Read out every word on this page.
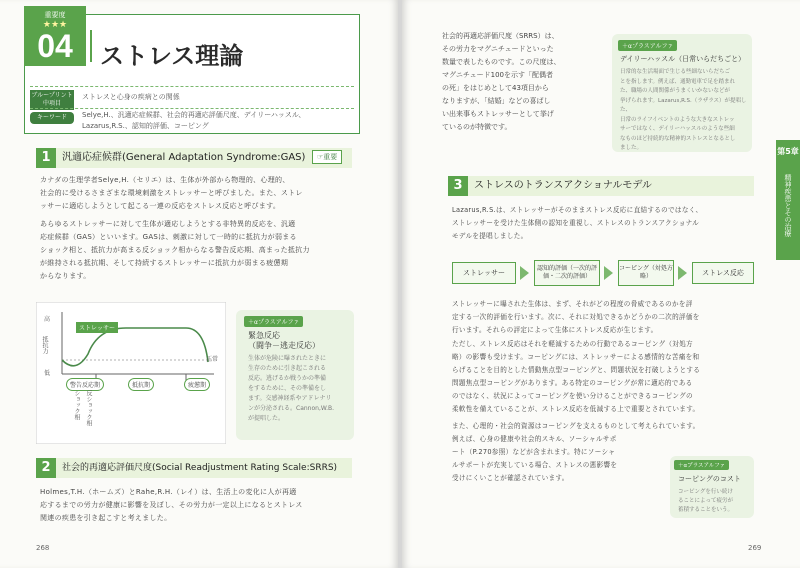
重要度
★★★
04	ストレス理論
ブループリント中項目
ストレスと心身の疾病との関係
キーワード	Selye,H.、汎適応症候群、社会的再適応評価尺度、デイリーハッスル、
Lazarus,R.S.、認知的評価、コーピング
1	汎適応症候群(General Adaptation Syndrome:GAS)	☞重要
カナダの生理学者Selye,H.（セリエ）は、生体が外部から物理的、心理的、
社会的に受けるさまざまな環境刺激をストレッサーと呼びました。また、ストレ
ッサーに適応しようとして起こる一連の反応をストレス反応と呼びます。
あらゆるストレッサーに対して生体が適応しようとする非特異的反応を、汎適
応症候群（GAS）といいます。GASは、刺激に対して一時的に抵抗力が弱まる
ショック相と、抵抗力が高まる反ショック相からなる警告反応期、高まった抵抗力
が維持される抵抗期、そして持続するストレッサーに抵抗力が弱まる疲憊期
からなります。
高
低
抵抗力
正常
ストレッサー
警告反応期	抵抗期	疲憊期
ショック相 反ショック相
＋αプラスアルファ
緊急反応
（闘争－逃走反応）
生体が危険に曝されたときに
生存のために引き起こされる
反応。逃げるか戦うかの準備
をするために、その準備をし
ます。交感神経系やアドレナリ
ンが分泌される。Cannon,W.B.
が提唱した。
2	社会的再適応評価尺度(Social Readjustment Rating Scale:SRRS)
Holmes,T.H.（ホームズ）とRahe,R.H.（レイ）は、生活上の変化に人が再適
応するまでの労力が健康に影響を及ぼし、その労力が一定以上になるとストレス
関連の疾患を引き起こすと考えました。
268
社会的再適応評価尺度（SRRS）は、
その労力をマグニチュードといった
数量で表したものです。この尺度は、
マグニチュード100を示す「配偶者
の死」をはじめとして43項目から
なりますが、「結婚」などの喜ばし
い出来事もストレッサーとして挙げ
ているのが特徴です。
＋αプラスアルファ
デイリーハッスル（日常いらだちごと）
日常的な生活場面で生じる些細ないらだちご
とを指します。例えば、通勤電車で足を踏まれ
た、職場の人間関係がうまくいかないなどが
挙げられます。Lazarus,R.S.（ラザラス）が提唱した、
日常のライフイベントのような大きなストレッ
サーではなく、デイリーハッスルのような些細
なものほど持続的な精神的ストレスとなるとし
ました。
3	ストレスのトランスアクショナルモデル
Lazarus,R.S.は、ストレッサーがそのままストレス反応に直結するのではなく、
ストレッサーを受けた生体側の認知を重視し、ストレスのトランスアクショナル
モデルを提唱しました。
ストレッサー
認知的評価（一次的評価・二次的評価）
コーピング（対処方略）	ストレス反応
ストレッサーに曝された生体は、まず、それがどの程度の脅威であるのかを評
定する一次的評価を行います。次に、それに対処できるかどうかの二次的評価を
行います。それらの評定によって生体にストレス反応が生じます。
ただし、ストレス反応はそれを軽減するための行動であるコーピング（対処方
略）の影響も受けます。コーピングには、ストレッサーによる感情的な苦痛を和
らげることを目的とした情動焦点型コーピングと、問題状況を打破しようとする
問題焦点型コーピングがあります。ある特定のコーピングが常に適応的である
のではなく、状況によってコーピングを使い分けることができるコーピングの
柔軟性を備えていることが、ストレス反応を低減する上で重要とされています。
また、心理的・社会的資源はコーピングを支えるものとして考えられています。
例えば、心身の健康や社会的スキル、ソーシャルサポ
ート（P.270参照）などが含まれます。特にソーシャ
ルサポートが充実している場合、ストレスの悪影響を
受けにくいことが確認されています。
＋αプラスアルファ
コーピングのコスト
コーピングを行い続け
ることによって疲労が
蓄積することをいう。
第5章
精神疾患とその治療
269
